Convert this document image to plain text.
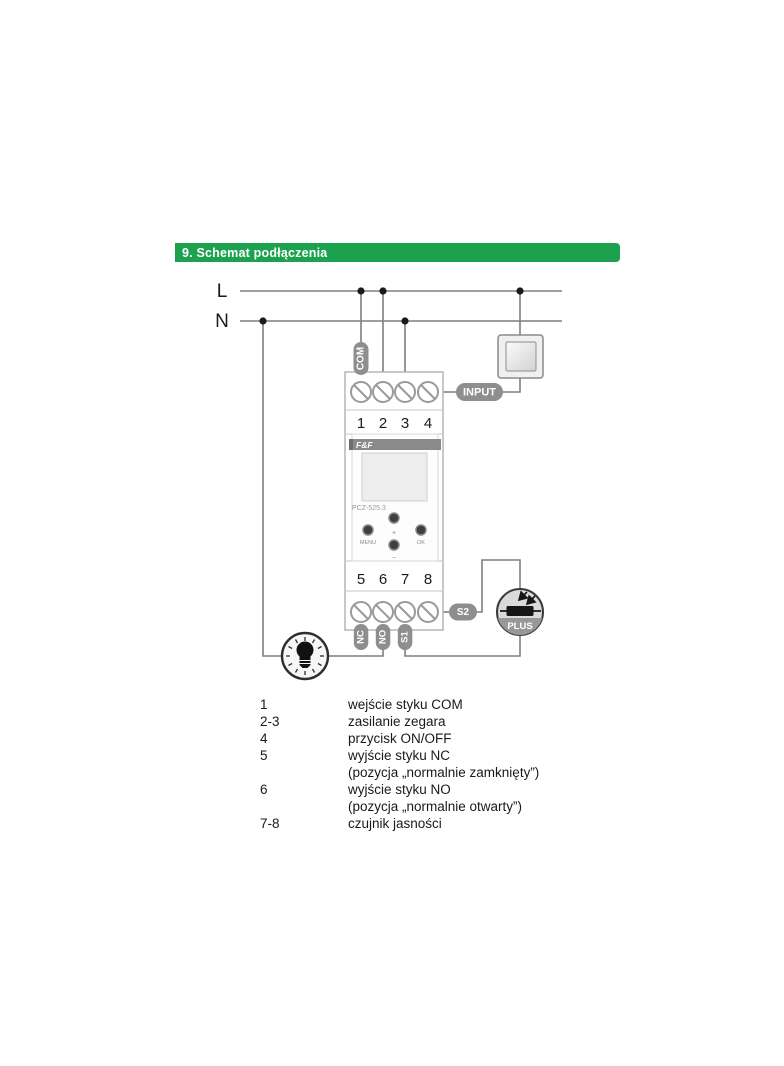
9. Schemat podłączenia
L
N
1 2 3 4
5 6 7 8
F&F
PCZ-525.3
+
MENU	OK
−
COM
INPUT
NC NO S1
S2
PLUS
1	wejście styku COM
2-3	zasilanie zegara
4	przycisk ON/OFF
5	wyjście styku NC
(pozycja „normalnie zamknięty”)
6	wyjście styku NO
(pozycja „normalnie otwarty”)
7-8	czujnik jasności
